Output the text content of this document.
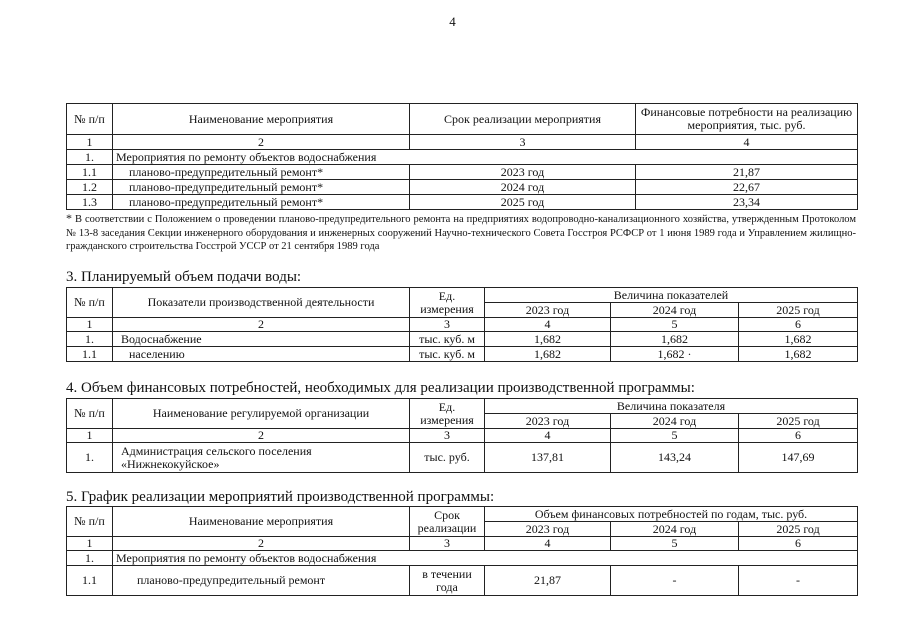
4
№ п/п	Наименование мероприятия	Срок реализации мероприятия	Финансовые потребности на реализацию мероприятия, тыс. руб.
1	2	3	4
1.	Мероприятия по ремонту объектов водоснабжения		
1.1	планово-предупредительный ремонт*	2023 год	21,87
1.2	планово-предупредительный ремонт*	2024 год	22,67
1.3	планово-предупредительный ремонт*	2025 год	23,34
* В соответствии с Положением о проведении планово-предупредительного ремонта на предприятиях водопроводно-канализационного хозяйства, утвержденным Протоколом № 13-8 заседания Секции инженерного оборудования и инженерных сооружений Научно-технического Совета Госстроя РСФСР от 1 июня 1989 года и Управлением жилищно-гражданского строительства Госстрой УССР от 21 сентября 1989 года
3. Планируемый объем подачи воды:
№ п/п	Показатели производственной деятельности	Ед. измерения	Величина показателей		
			2023 год	2024 год	2025 год
1	2	3	4	5	6
1.	Водоснабжение	тыс. куб. м	1,682	1,682	1,682
1.1	населению	тыс. куб. м	1,682	1,682 ·	1,682
4. Объем финансовых потребностей, необходимых для реализации производственной программы:
№ п/п	Наименование регулируемой организации	Ед. измерения	Величина показателя		
			2023 год	2024 год	2025 год
1	2	3	4	5	6
1.	Администрация сельского поселения «Нижнекокуйское»	тыс. руб.	137,81	143,24	147,69
5. График реализации мероприятий производственной программы:
№ п/п	Наименование мероприятия	Срок реализации	Объем финансовых потребностей по годам, тыс. руб.		
			2023 год	2024 год	2025 год
1	2	3	4	5	6
1.	Мероприятия по ремонту объектов водоснабжения				
1.1	планово-предупредительный ремонт	в течении года	21,87	-	-
